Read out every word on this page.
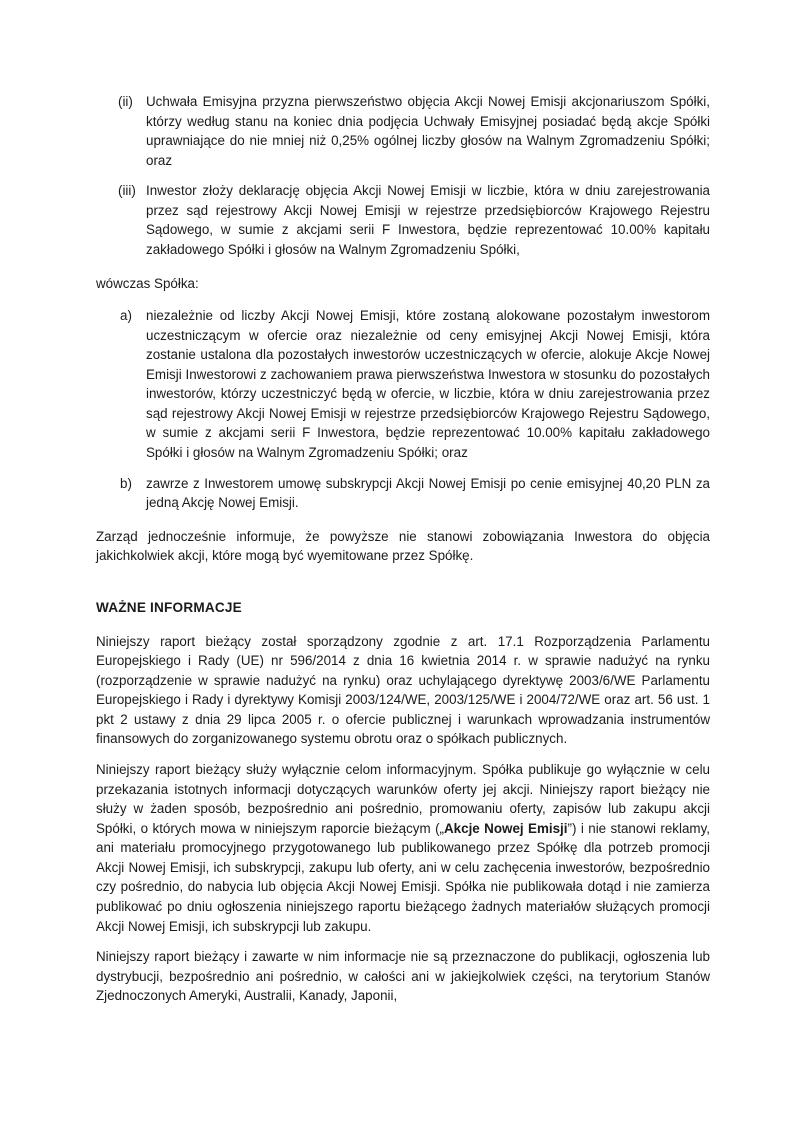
(ii) Uchwała Emisyjna przyzna pierwszeństwo objęcia Akcji Nowej Emisji akcjonariuszom Spółki, którzy według stanu na koniec dnia podjęcia Uchwały Emisyjnej posiadać będą akcje Spółki uprawniające do nie mniej niż 0,25% ogólnej liczby głosów na Walnym Zgromadzeniu Spółki; oraz
(iii) Inwestor złoży deklarację objęcia Akcji Nowej Emisji w liczbie, która w dniu zarejestrowania przez sąd rejestrowy Akcji Nowej Emisji w rejestrze przedsiębiorców Krajowego Rejestru Sądowego, w sumie z akcjami serii F Inwestora, będzie reprezentować 10.00% kapitału zakładowego Spółki i głosów na Walnym Zgromadzeniu Spółki,

wówczas Spółka:

a)	niezależnie od liczby Akcji Nowej Emisji, które zostaną alokowane pozostałym inwestorom uczestniczącym w ofercie oraz niezależnie od ceny emisyjnej Akcji Nowej Emisji, która zostanie ustalona dla pozostałych inwestorów uczestniczących w ofercie, alokuje Akcje Nowej Emisji Inwestorowi z zachowaniem prawa pierwszeństwa Inwestora w stosunku do pozostałych inwestorów, którzy uczestniczyć będą w ofercie, w liczbie, która w dniu zarejestrowania przez sąd rejestrowy Akcji Nowej Emisji w rejestrze przedsiębiorców Krajowego Rejestru Sądowego, w sumie z akcjami serii F Inwestora, będzie reprezentować 10.00% kapitału zakładowego Spółki i głosów na Walnym Zgromadzeniu Spółki; oraz
b)	zawrze z Inwestorem umowę subskrypcji Akcji Nowej Emisji po cenie emisyjnej 40,20 PLN za jedną Akcję Nowej Emisji.

Zarząd jednocześnie informuje, że powyższe nie stanowi zobowiązania Inwestora do objęcia jakichkolwiek akcji, które mogą być wyemitowane przez Spółkę.

WAŻNE INFORMACJE

Niniejszy raport bieżący został sporządzony zgodnie z art. 17.1 Rozporządzenia Parlamentu Europejskiego i Rady (UE) nr 596/2014 z dnia 16 kwietnia 2014 r. w sprawie nadużyć na rynku (rozporządzenie w sprawie nadużyć na rynku) oraz uchylającego dyrektywę 2003/6/WE Parlamentu Europejskiego i Rady i dyrektywy Komisji 2003/124/WE, 2003/125/WE i 2004/72/WE oraz art. 56 ust. 1 pkt 2 ustawy z dnia 29 lipca 2005 r. o ofercie publicznej i warunkach wprowadzania instrumentów finansowych do zorganizowanego systemu obrotu oraz o spółkach publicznych.

Niniejszy raport bieżący służy wyłącznie celom informacyjnym. Spółka publikuje go wyłącznie w celu przekazania istotnych informacji dotyczących warunków oferty jej akcji. Niniejszy raport bieżący nie służy w żaden sposób, bezpośrednio ani pośrednio, promowaniu oferty, zapisów lub zakupu akcji Spółki, o których mowa w niniejszym raporcie bieżącym („Akcje Nowej Emisji”) i nie stanowi reklamy, ani materiału promocyjnego przygotowanego lub publikowanego przez Spółkę dla potrzeb promocji Akcji Nowej Emisji, ich subskrypcji, zakupu lub oferty, ani w celu zachęcenia inwestorów, bezpośrednio czy pośrednio, do nabycia lub objęcia Akcji Nowej Emisji. Spółka nie publikowała dotąd i nie zamierza publikować po dniu ogłoszenia niniejszego raportu bieżącego żadnych materiałów służących promocji Akcji Nowej Emisji, ich subskrypcji lub zakupu.

Niniejszy raport bieżący i zawarte w nim informacje nie są przeznaczone do publikacji, ogłoszenia lub dystrybucji, bezpośrednio ani pośrednio, w całości ani w jakiejkolwiek części, na terytorium Stanów Zjednoczonych Ameryki, Australii, Kanady, Japonii,
